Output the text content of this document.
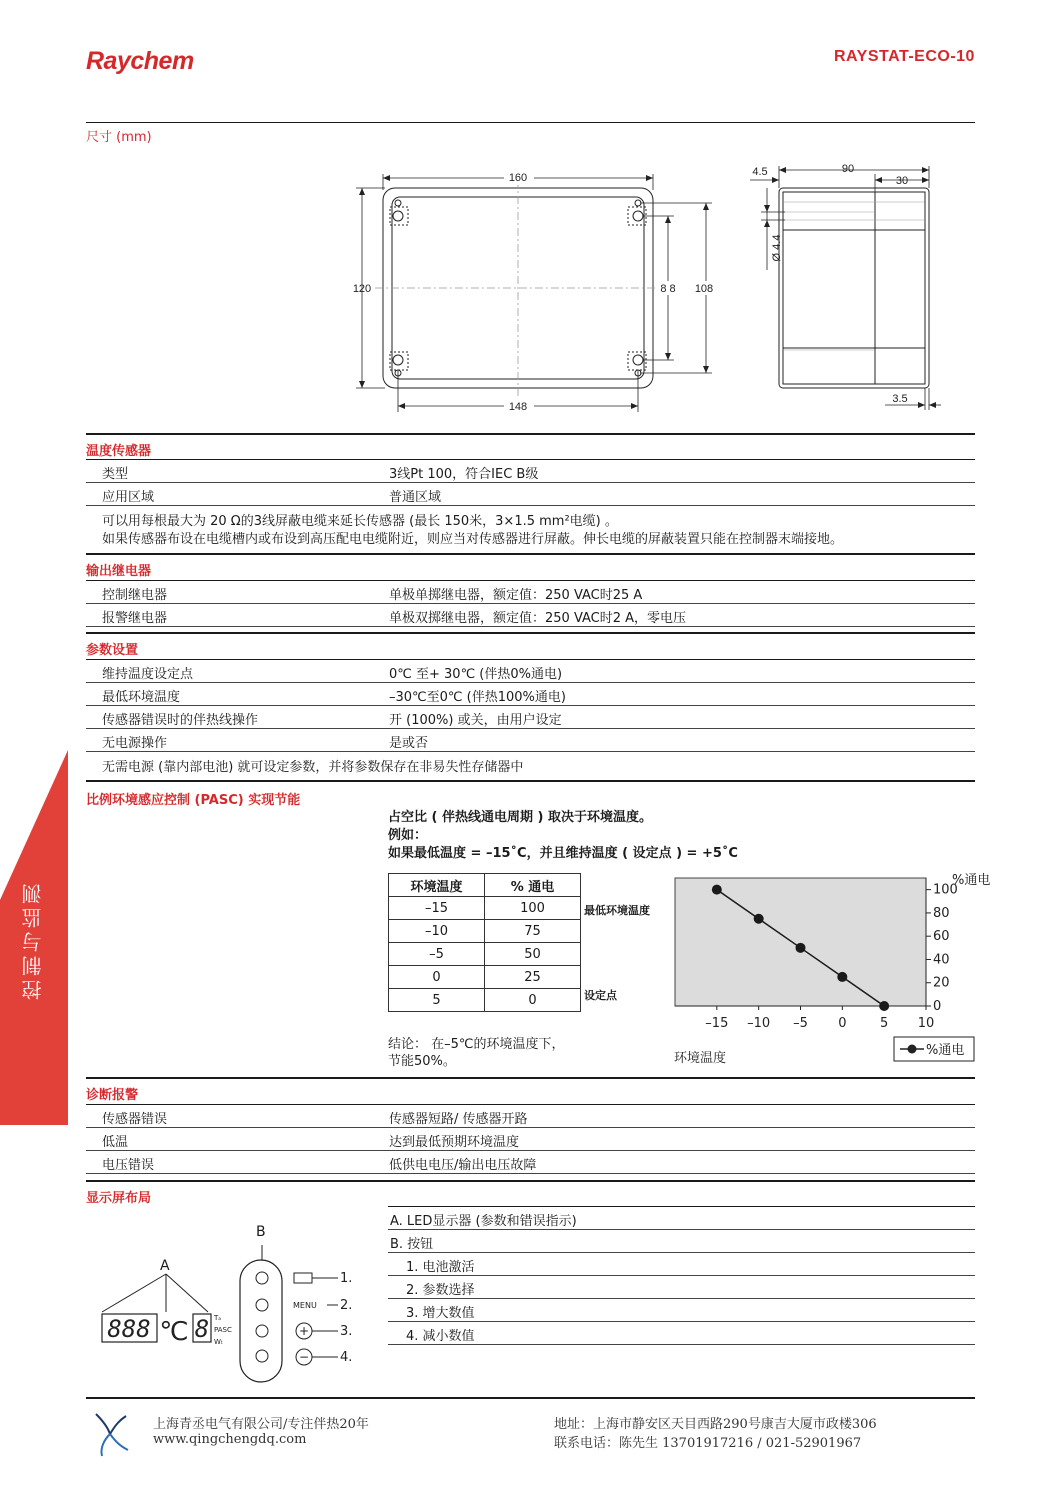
Raychem	RAYSTAT-ECO-10
控制与监测
尺寸 (mm)
160
120
148
8 8 108
4.5	90
30
Ø 4.4
3.5
温度传感器
类型	3线Pt 100，符合IEC B级
应用区域	普通区域
可以用每根最大为 20 Ω的3线屏蔽电缆来延长传感器 (最长 150米，3×1.5 mm²电缆) 。
如果传感器布设在电缆槽内或布设到高压配电电缆附近，则应当对传感器进行屏蔽。伸长电缆的屏蔽装置只能在控制器末端接地。
输出继电器
控制继电器	单极单掷继电器，额定值：250 VAC时25 A
报警继电器	单极双掷继电器，额定值：250 VAC时2 A，零电压
参数设置
维持温度设定点	0℃ 至+ 30℃ (伴热0%通电)
最低环境温度	–30℃至0℃ (伴热100%通电)
传感器错误时的伴热线操作	开 (100%) 或关，由用户设定
无电源操作	是或否
无需电源 (靠内部电池) 就可设定参数，并将参数保存在非易失性存储器中
比例环境感应控制 (PASC) 实现节能
占空比 ( 伴热线通电周期 ) 取决于环境温度。
例如：
如果最低温度 = –15˚C，并且维持温度 ( 设定点 ) = +5˚C
环境温度	% 通电
–15	100
–10	75
–5	50
0	25
5	0
最低环境温度
设定点
结论： 在–5℃的环境温度下，
节能50%。
0
20
40
60
80
100
–15 –10 –5 0	5 10
%通电
环境温度
%通电
诊断报警
传感器错误	传感器短路/ 传感器开路
低温	达到最低预期环境温度
电压错误	低供电电压/输出电压故障
显示屏布局
A. LED显示器 (参数和错误指示)
B. 按钮
1. 电池激活
2. 参数选择
3. 增大数值
4. 减小数值
A
B
888 ℃ 8 Tₐ
PASC
Wₜ
MENU
+
−
1.
2.
3.
4.
上海青丞电气有限公司/专注伴热20年
www.qingchengdq.com
地址：上海市静安区天目西路290号康吉大厦市政楼306
联系电话：陈先生 13701917216 / 021-52901967
